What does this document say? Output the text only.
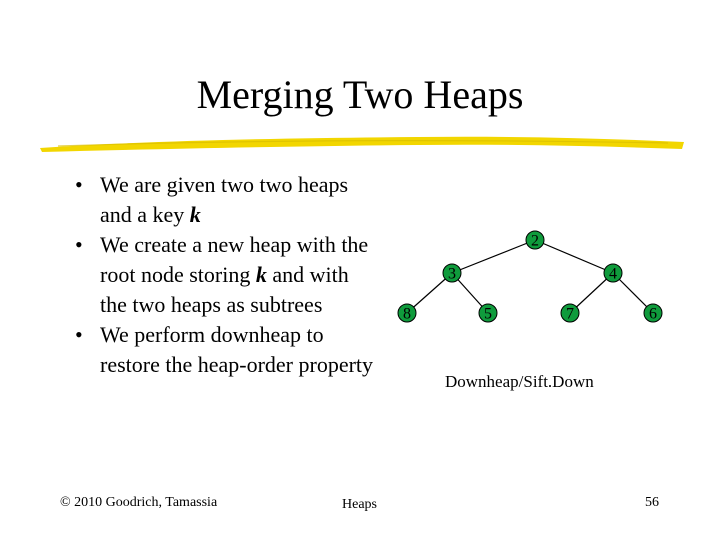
Merging Two Heaps
• We are given two two heaps and a key k
• We create a new heap with the root node storing k and with the two heaps as subtrees
• We perform downheap to restore the heap-order property
2
3	4
8	5	7	6
Downheap/Sift.Down
© 2010 Goodrich, Tamassia	Heaps	56
